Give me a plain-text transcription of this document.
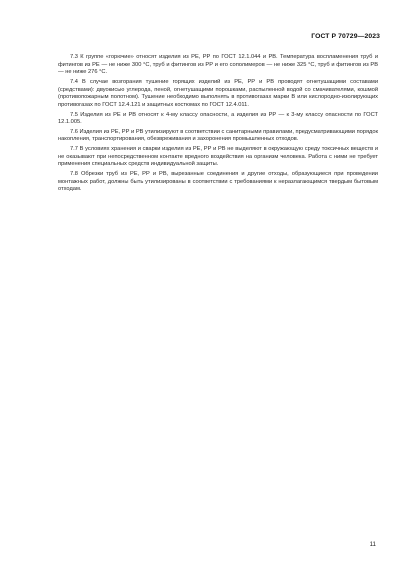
ГОСТ Р 70729—2023

7.3 К группе «горючие» относят изделия из РЕ, РР по ГОСТ 12.1.044 и РВ. Температура воспламенения труб и фитингов из РЕ — не ниже 300 °С, труб и фитингов из РР и его сополимеров — не ниже 325 °С, труб и фитингов из РВ — не ниже 276 °С.

7.4 В случае возгорания тушение горящих изделий из РЕ, РР и РВ проводят огнетушащими составами (средствами): двуокисью углерода, пеной, огнетушащими порошками, распыленной водой со смачивателями, кошмой (противопожарным полотном). Тушение необходимо выполнять в противогазах марки В или кислородно-изолирующих противогазах по ГОСТ 12.4.121 и защитных костюмах по ГОСТ 12.4.011.

7.5 Изделия из РЕ и РВ относят к 4-му классу опасности, а изделия из РР — к 3-му классу опасности по ГОСТ 12.1.005.

7.6 Изделия из РЕ, РР и РВ утилизируют в соответствии с санитарными правилами, предусматривающими порядок накопления, транспортирования, обезвреживания и захоронения промышленных отходов.

7.7 В условиях хранения и сварки изделия из РЕ, РР и РВ не выделяют в окружающую среду токсичных веществ и не оказывают при непосредственном контакте вредного воздействия на организм человека. Работа с ними не требует применения специальных средств индивидуальной защиты.

7.8 Обрезки труб из РЕ, РР и РВ, вырезанные соединения и другие отходы, образующиеся при проведении монтажных работ, должны быть утилизированы в соответствии с требованиями к неразлагающимся твердым бытовым отходам.

11
